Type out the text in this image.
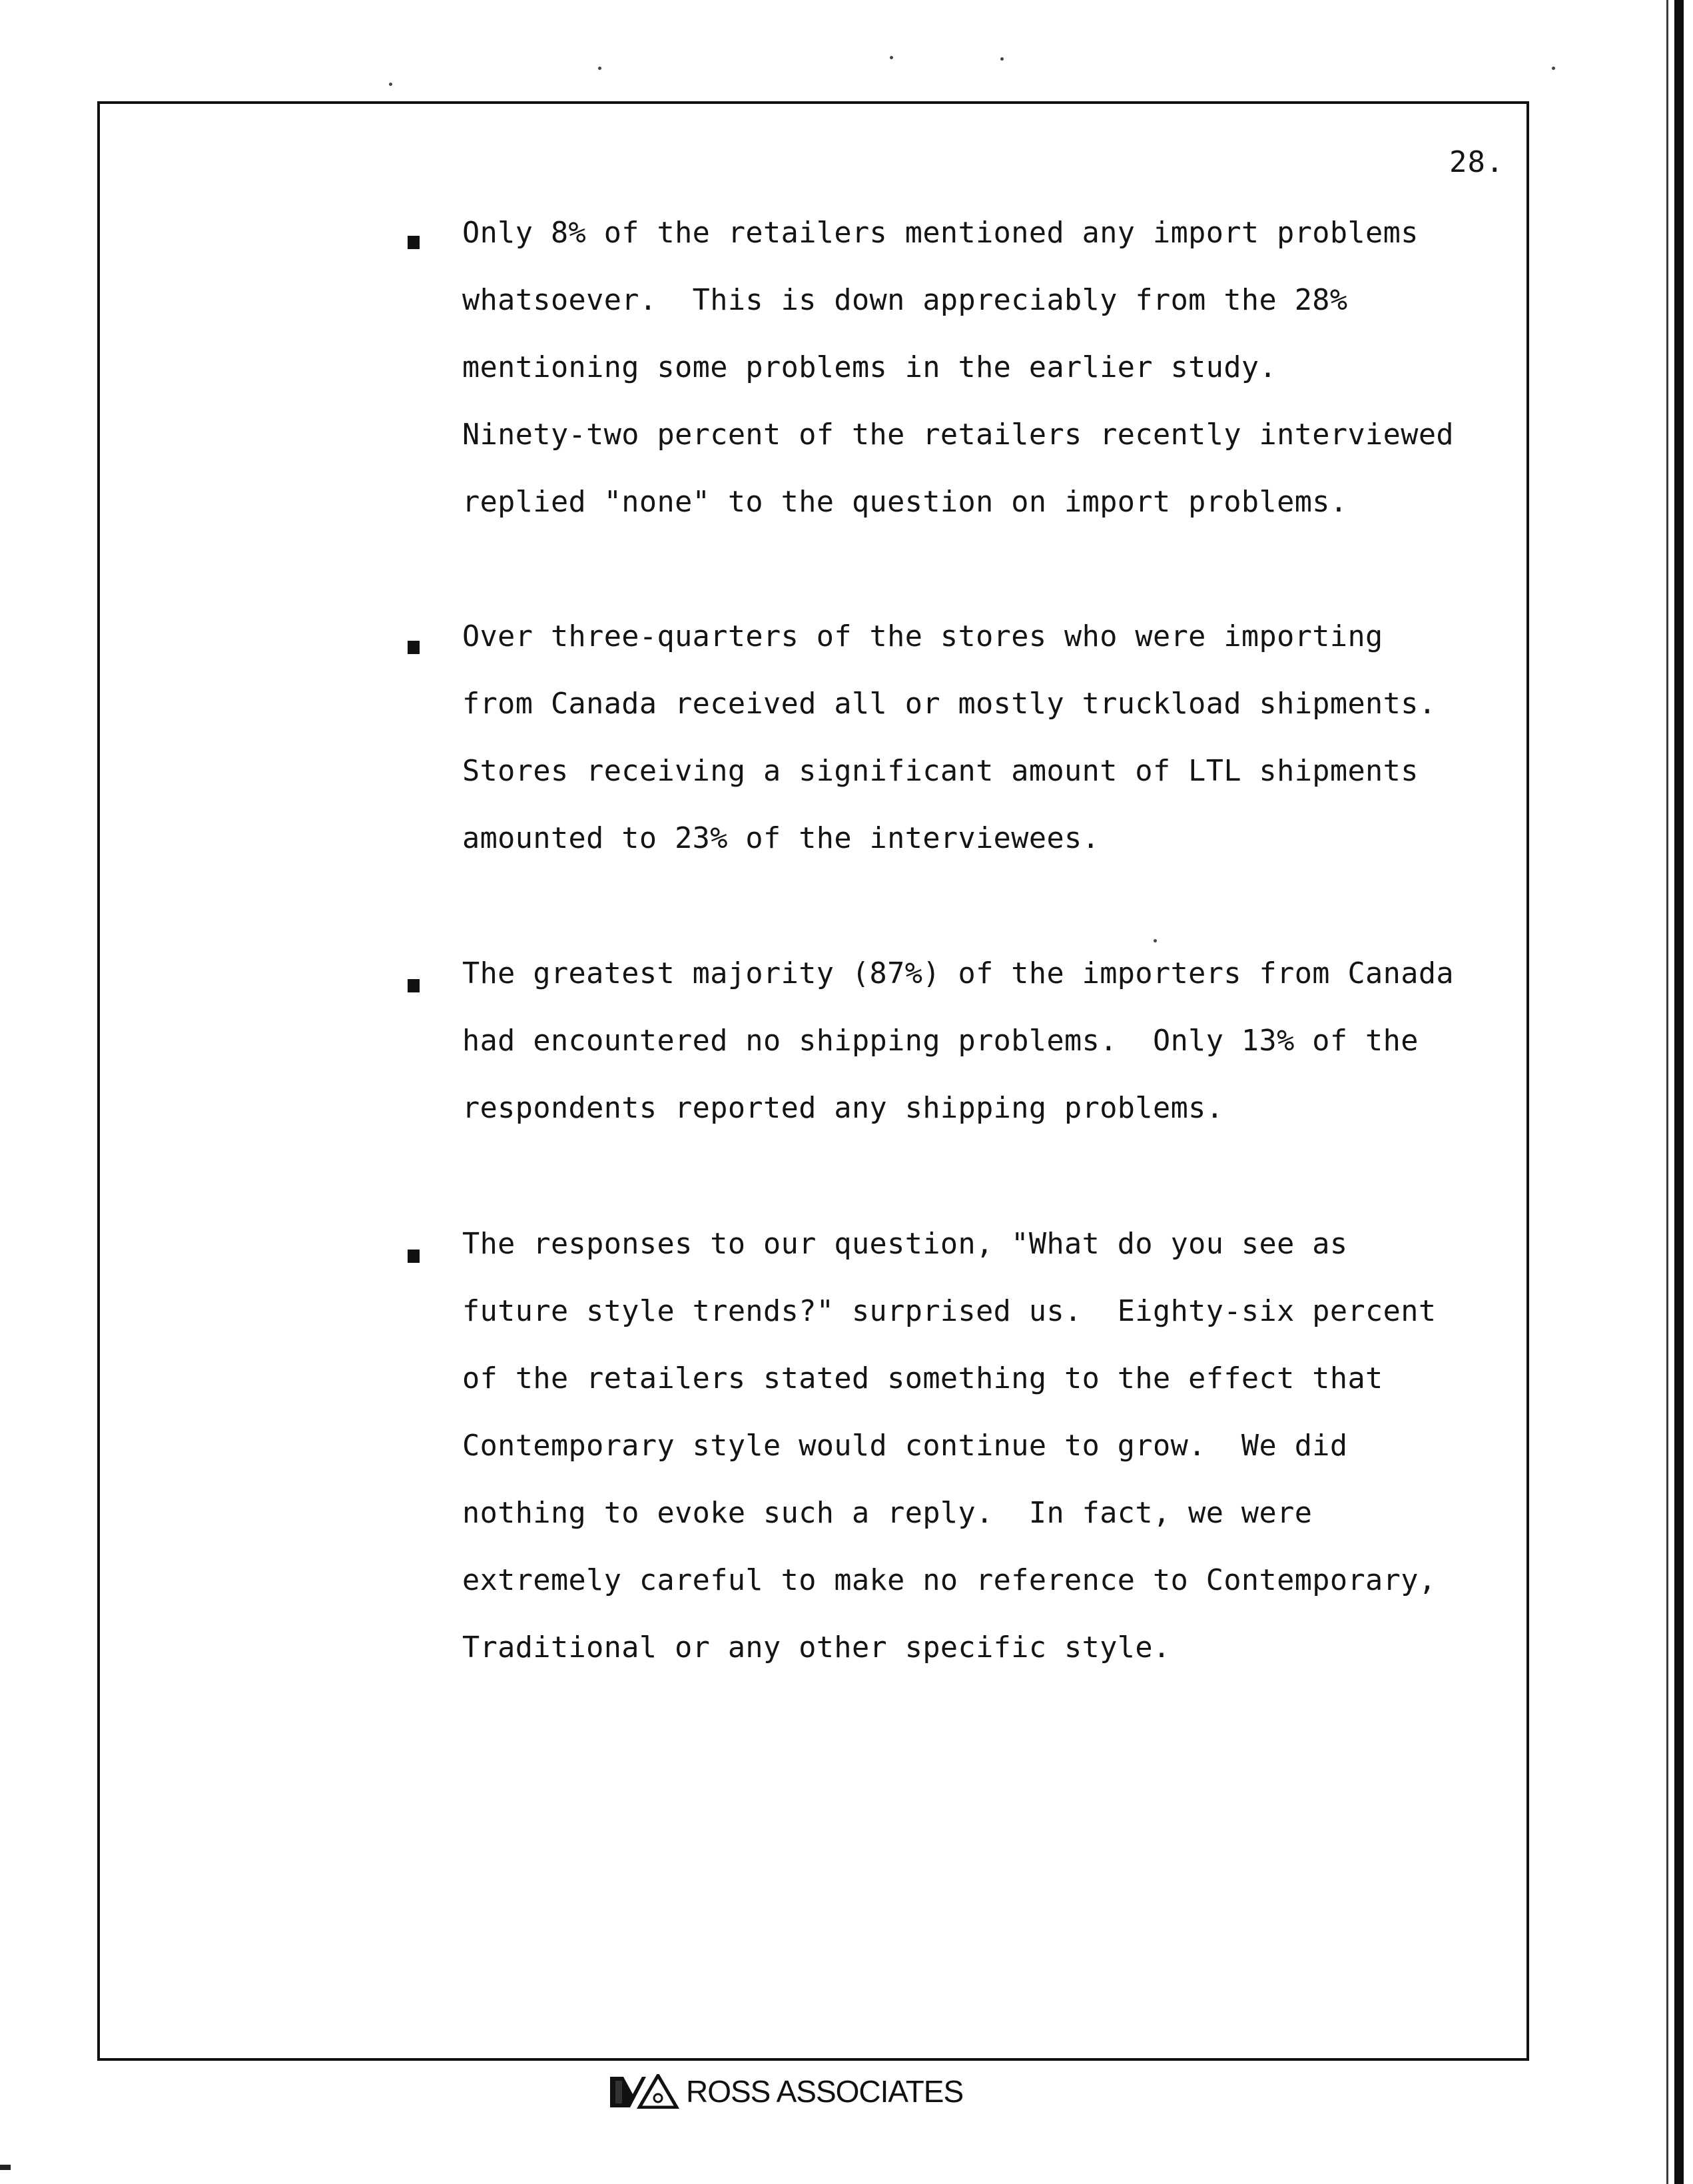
28.
Only 8% of the retailers mentioned any import problems
whatsoever.  This is down appreciably from the 28%
mentioning some problems in the earlier study.
Ninety-two percent of the retailers recently interviewed
replied "none" to the question on import problems.
Over three-quarters of the stores who were importing
from Canada received all or mostly truckload shipments.
Stores receiving a significant amount of LTL shipments
amounted to 23% of the interviewees.
The greatest majority (87%) of the importers from Canada
had encountered no shipping problems.  Only 13% of the
respondents reported any shipping problems.
The responses to our question, "What do you see as
future style trends?" surprised us.  Eighty-six percent
of the retailers stated something to the effect that
Contemporary style would continue to grow.  We did
nothing to evoke such a reply.  In fact, we were
extremely careful to make no reference to Contemporary,
Traditional or any other specific style.
ROSS ASSOCIATES
